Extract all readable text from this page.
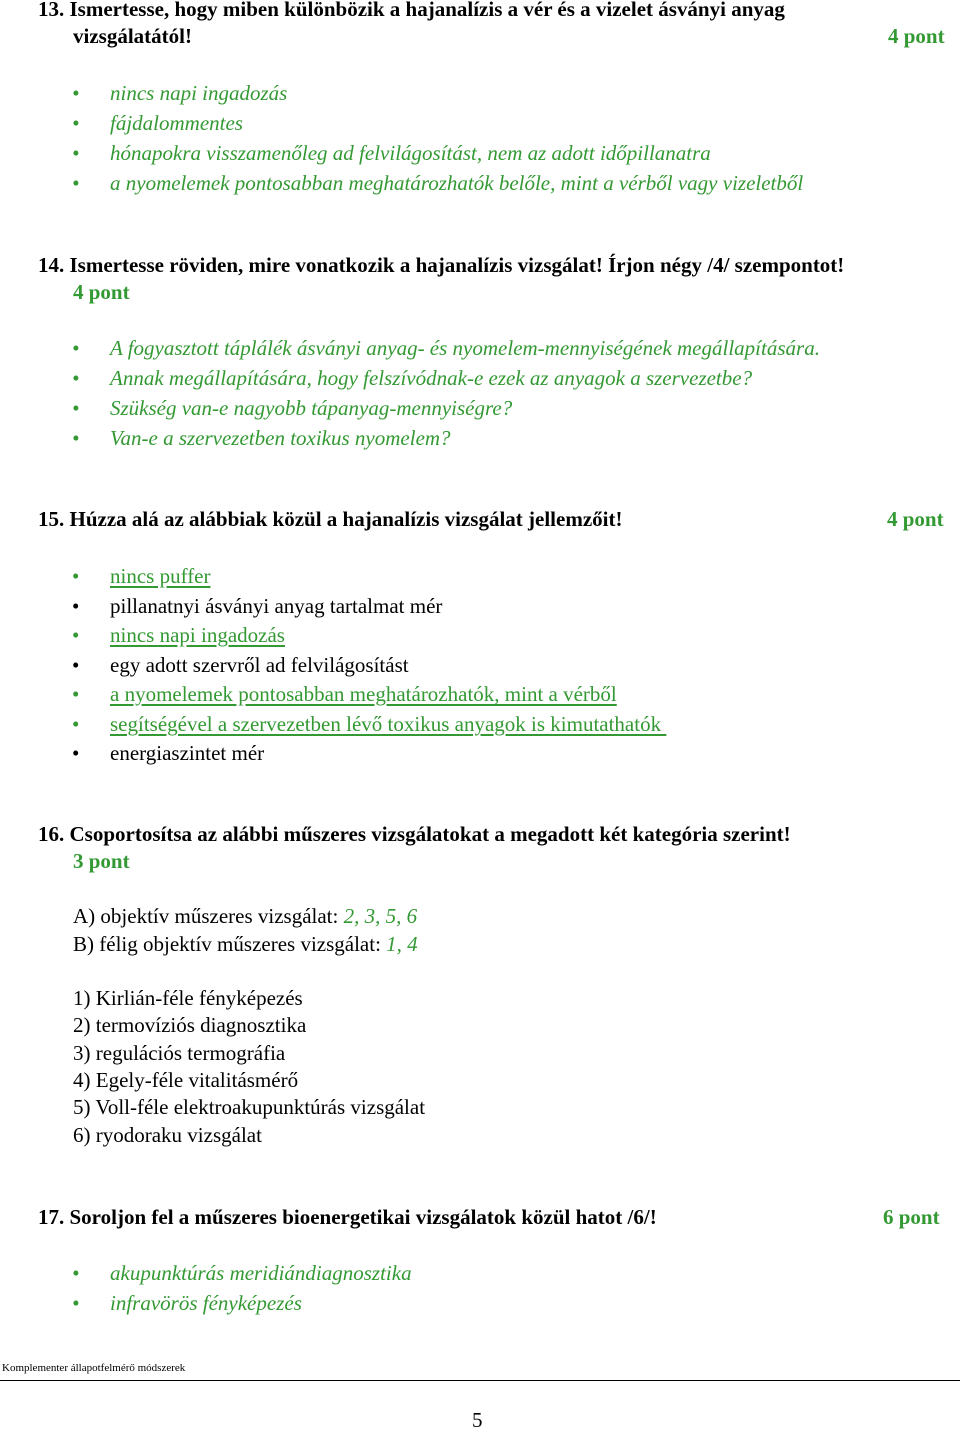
13. Ismertesse, hogy miben különbözik a hajanalízis a vér és a vizelet ásványi anyag
vizsgálatától!	4 pont
• nincs napi ingadozás
• fájdalommentes
• hónapokra visszamenőleg ad felvilágosítást, nem az adott időpillanatra
• a nyomelemek pontosabban meghatározhatók belőle, mint a vérből vagy vizeletből
14. Ismertesse röviden, mire vonatkozik a hajanalízis vizsgálat! Írjon négy /4/ szempontot!
4 pont
• A fogyasztott táplálék ásványi anyag- és nyomelem-mennyiségének megállapítására.
• Annak megállapítására, hogy felszívódnak-e ezek az anyagok a szervezetbe?
• Szükség van-e nagyobb tápanyag-mennyiségre?
• Van-e a szervezetben toxikus nyomelem?
15. Húzza alá az alábbiak közül a hajanalízis vizsgálat jellemzőit!	4 pont
• nincs puffer
• pillanatnyi ásványi anyag tartalmat mér
• nincs napi ingadozás
• egy adott szervről ad felvilágosítást
• a nyomelemek pontosabban meghatározhatók, mint a vérből
• segítségével a szervezetben lévő toxikus anyagok is kimutathatók
• energiaszintet mér
16. Csoportosítsa az alábbi műszeres vizsgálatokat a megadott két kategória szerint!
3 pont
A) objektív műszeres vizsgálat: 2, 3, 5, 6
B) félig objektív műszeres vizsgálat: 1, 4
1) Kirlián-féle fényképezés
2) termovíziós diagnosztika
3) regulációs termográfia
4) Egely-féle vitalitásmérő
5) Voll-féle elektroakupunktúrás vizsgálat
6) ryodoraku vizsgálat
17. Soroljon fel a műszeres bioenergetikai vizsgálatok közül hatot /6/!	6 pont
• akupunktúrás meridiándiagnosztika
• infravörös fényképezés
Komplementer állapotfelmérő módszerek
5
